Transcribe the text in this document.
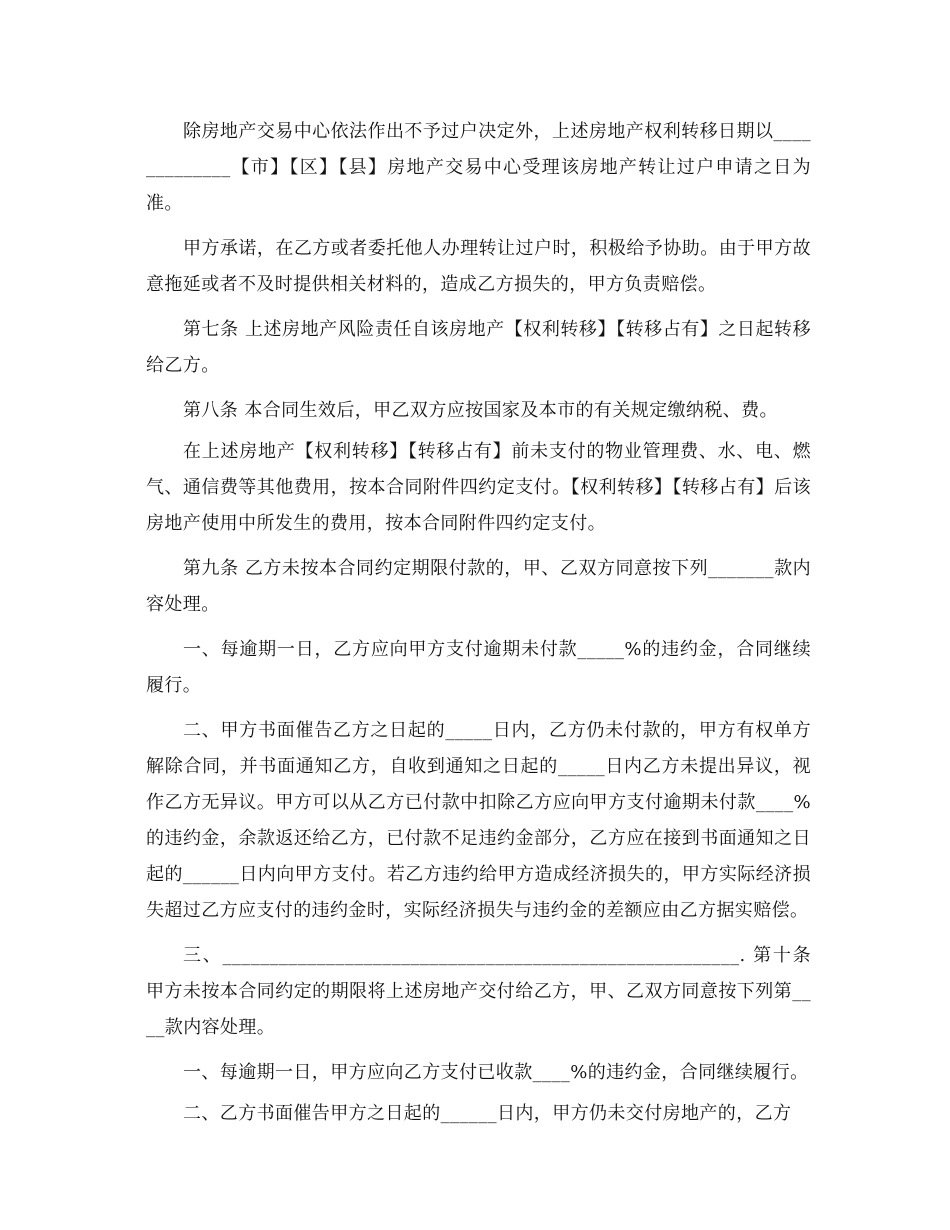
除房地产交易中心依法作出不予过户决定外，上述房地产权利转移日期以_____________【市】【区】【县】房地产交易中心受理该房地产转让过户申请之日为准。

甲方承诺，在乙方或者委托他人办理转让过户时，积极给予协助。由于甲方故意拖延或者不及时提供相关材料的，造成乙方损失的，甲方负责赔偿。

第七条 上述房地产风险责任自该房地产【权利转移】【转移占有】之日起转移给乙方。

第八条 本合同生效后，甲乙双方应按国家及本市的有关规定缴纳税、费。

在上述房地产【权利转移】【转移占有】前未支付的物业管理费、水、电、燃气、通信费等其他费用，按本合同附件四约定支付。【权利转移】【转移占有】后该房地产使用中所发生的费用，按本合同附件四约定支付。

第九条 乙方未按本合同约定期限付款的，甲、乙双方同意按下列_______款内容处理。

一、每逾期一日，乙方应向甲方支付逾期未付款_____%的违约金，合同继续履行。

二、甲方书面催告乙方之日起的_____日内，乙方仍未付款的，甲方有权单方解除合同，并书面通知乙方，自收到通知之日起的_____日内乙方未提出异议，视作乙方无异议。甲方可以从乙方已付款中扣除乙方应向甲方支付逾期未付款____%的违约金，余款返还给乙方，已付款不足违约金部分，乙方应在接到书面通知之日起的______日内向甲方支付。若乙方违约给甲方造成经济损失的，甲方实际经济损失超过乙方应支付的违约金时，实际经济损失与违约金的差额应由乙方据实赔偿。

三、_______________________________________________________. 第十条 甲方未按本合同约定的期限将上述房地产交付给乙方，甲、乙双方同意按下列第____款内容处理。

一、每逾期一日，甲方应向乙方支付已收款____%的违约金，合同继续履行。

二、乙方书面催告甲方之日起的______日内，甲方仍未交付房地产的，乙方
